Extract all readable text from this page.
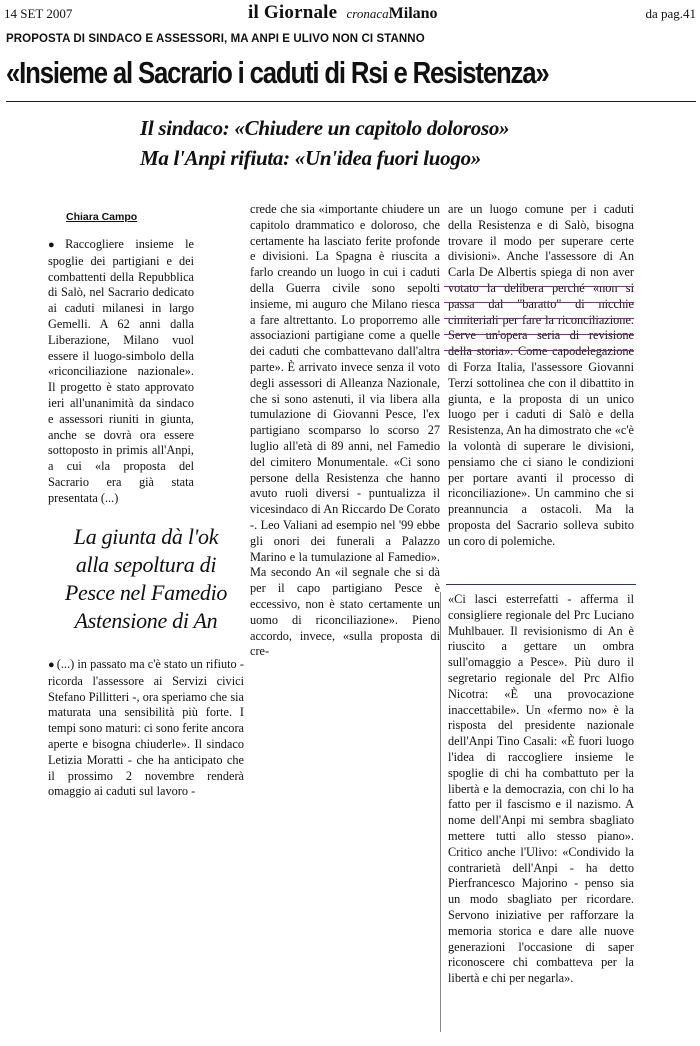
14 SET 2007	il Giornale cronacaMilano	da pag.41
PROPOSTA DI SINDACO E ASSESSORI, MA ANPI E ULIVO NON CI STANNO
«Insieme al Sacrario i caduti di Rsi e Resistenza»
Il sindaco: «Chiudere un capitolo doloroso»
Ma l'Anpi rifiuta: «Un'idea fuori luogo»
Chiara Campo
● Raccogliere insieme le spoglie dei partigiani e dei combattenti della Repubblica di Salò, nel Sacrario dedicato ai caduti milanesi in largo Gemelli. A 62 anni dalla Liberazione, Milano vuol essere il luogo-simbolo della «riconciliazione nazionale». Il progetto è stato approvato ieri all'unanimità da sindaco e assessori riuniti in giunta, anche se dovrà ora essere sottoposto in primis all'Anpi, a cui «la proposta del Sacrario era già stata presentata (...)
La giunta dà l'ok alla sepoltura di Pesce nel Famedio Astensione di An
● (...) in passato ma c'è stato un rifiuto - ricorda l'assessore ai Servizi civici Stefano Pillitteri -, ora speriamo che sia maturata una sensibilità più forte. I tempi sono maturi: ci sono ferite ancora aperte e bisogna chiuderle». Il sindaco Letizia Moratti - che ha anticipato che il prossimo 2 novembre renderà omaggio ai caduti sul lavoro -
crede che sia «importante chiudere un capitolo drammatico e doloroso, che certamente ha lasciato ferite profonde e divisioni. La Spagna è riuscita a farlo creando un luogo in cui i caduti della Guerra civile sono sepolti insieme, mi auguro che Milano riesca a fare altrettanto. Lo proporremo alle associazioni partigiane come a quelle dei caduti che combattevano dall'altra parte». È arrivato invece senza il voto degli assessori di Alleanza Nazionale, che si sono astenuti, il via libera alla tumulazione di Giovanni Pesce, l'ex partigiano scomparso lo scorso 27 luglio all'età di 89 anni, nel Famedio del cimitero Monumentale. «Ci sono persone della Resistenza che hanno avuto ruoli diversi - puntualizza il vicesindaco di An Riccardo De Corato -. Leo Valiani ad esempio nel '99 ebbe gli onori dei funerali a Palazzo Marino e la tumulazione al Famedio». Ma secondo An «il segnale che si dà per il capo partigiano Pesce è eccessivo, non è stato certamente un uomo di riconciliazione». Pieno accordo, invece, «sulla proposta di cre-
are un luogo comune per i caduti della Resistenza e di Salò, bisogna trovare il modo per superare certe divisioni». Anche l'assessore di An Carla De Albertis spiega di non aver votato la delibera perché «non si passa dal "baratto" di nicchie cimiteriali per fare la riconciliazione. Serve un'opera seria di revisione della storia». Come capodelegazione di Forza Italia, l'assessore Giovanni Terzi sottolinea che con il dibattito in giunta, e la proposta di un unico luogo per i caduti di Salò e della Resistenza, An ha dimostrato che «c'è la volontà di superare le divisioni, pensiamo che ci siano le condizioni per portare avanti il processo di riconciliazione». Un cammino che si preannuncia a ostacoli. Ma la proposta del Sacrario solleva subito un coro di polemiche.
«Ci lasci esterrefatti - afferma il consigliere regionale del Prc Luciano Muhlbauer. Il revisionismo di An è riuscito a gettare un ombra sull'omaggio a Pesce». Più duro il segretario regionale del Prc Alfio Nicotra: «È una provocazione inaccettabile». Un «fermo no» è la risposta del presidente nazionale dell'Anpi Tino Casali: «È fuori luogo l'idea di raccogliere insieme le spoglie di chi ha combattuto per la libertà e la democrazia, con chi lo ha fatto per il fascismo e il nazismo. A nome dell'Anpi mi sembra sbagliato mettere tutti allo stesso piano». Critico anche l'Ulivo: «Condivido la contrarietà dell'Anpi - ha detto Pierfrancesco Majorino - penso sia un modo sbagliato per ricordare. Servono iniziative per rafforzare la memoria storica e dare alle nuove generazioni l'occasione di saper riconoscere chi combatteva per la libertà e chi per negarla».
